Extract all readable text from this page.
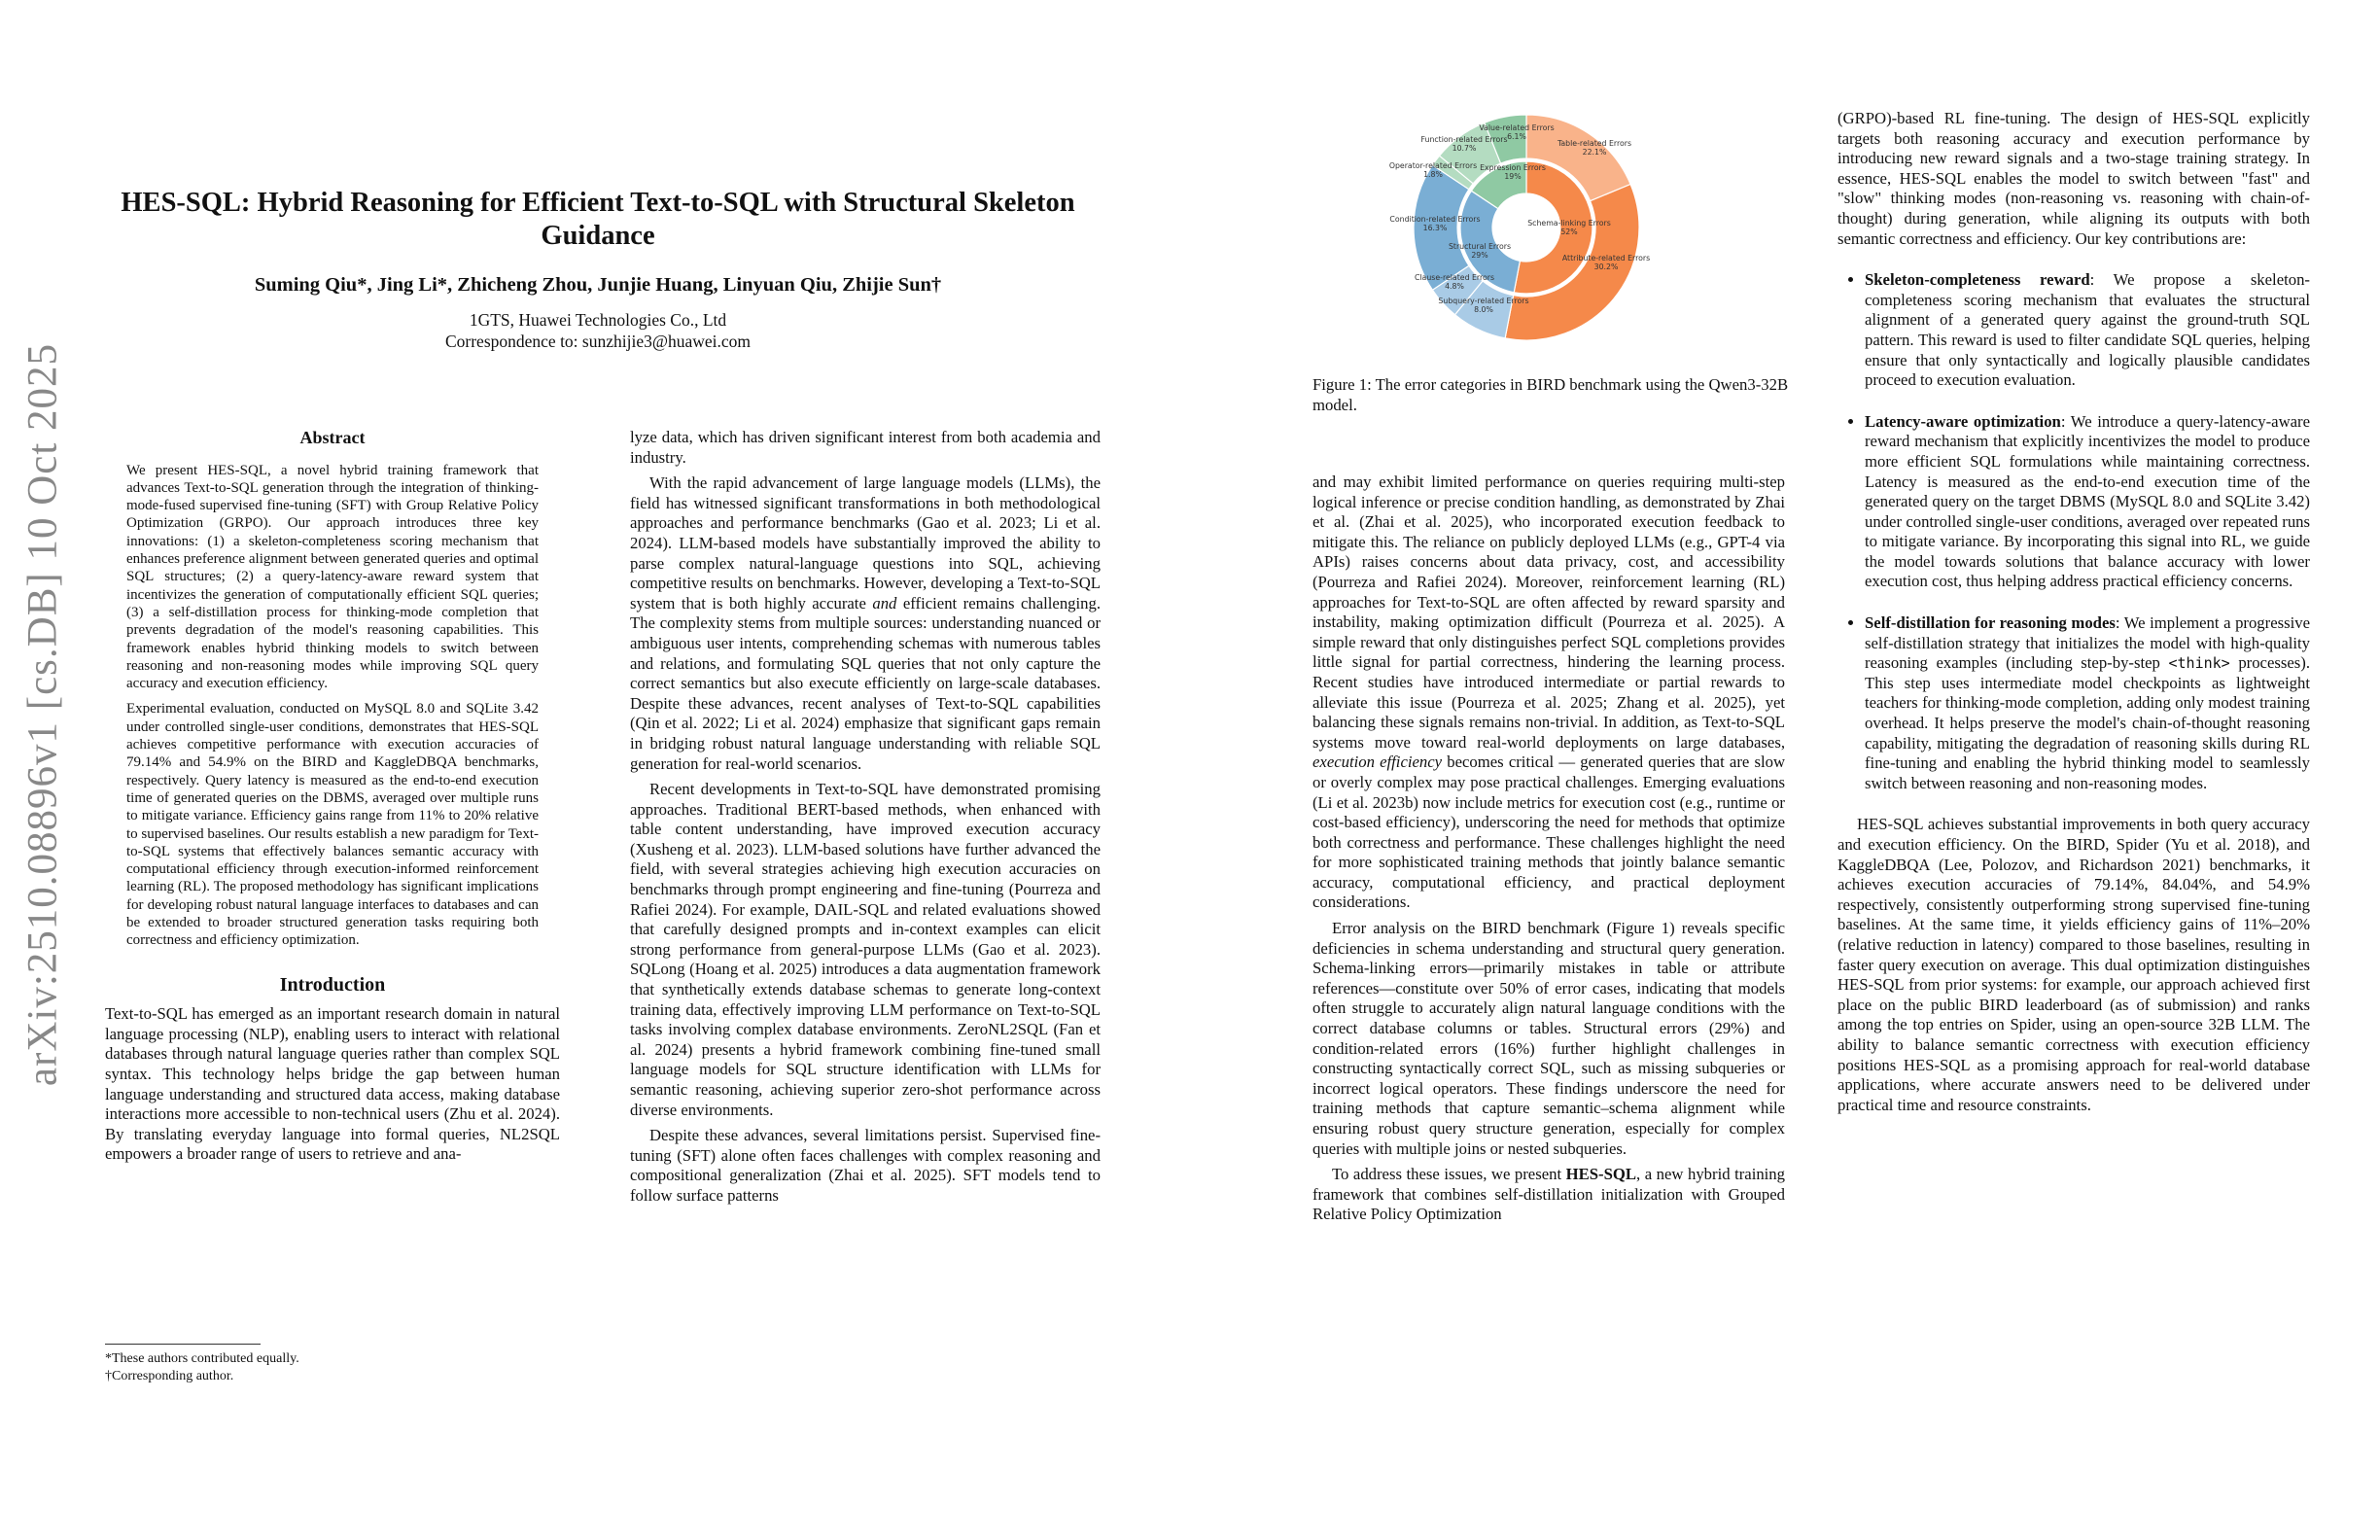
arXiv:2510.08896v1 [cs.DB] 10 Oct 2025
HES-SQL: Hybrid Reasoning for Efficient Text-to-SQL with Structural Skeleton Guidance
Suming Qiu*, Jing Li*, Zhicheng Zhou, Junjie Huang, Linyuan Qiu, Zhijie Sun†
1GTS, Huawei Technologies Co., Ltd
Correspondence to: sunzhijie3@huawei.com
Abstract

We present HES-SQL, a novel hybrid training framework that advances Text-to-SQL generation through the integration of thinking-mode-fused supervised fine-tuning (SFT) with Group Relative Policy Optimization (GRPO). Our approach introduces three key innovations: (1) a skeleton-completeness scoring mechanism that enhances preference alignment between generated queries and optimal SQL structures; (2) a query-latency-aware reward system that incentivizes the generation of computationally efficient SQL queries; (3) a self-distillation process for thinking-mode completion that prevents degradation of the model's reasoning capabilities. This framework enables hybrid thinking models to switch between reasoning and non-reasoning modes while improving SQL query accuracy and execution efficiency.

Experimental evaluation, conducted on MySQL 8.0 and SQLite 3.42 under controlled single-user conditions, demonstrates that HES-SQL achieves competitive performance with execution accuracies of 79.14% and 54.9% on the BIRD and KaggleDBQA benchmarks, respectively. Query latency is measured as the end-to-end execution time of generated queries on the DBMS, averaged over multiple runs to mitigate variance. Efficiency gains range from 11% to 20% relative to supervised baselines. Our results establish a new paradigm for Text-to-SQL systems that effectively balances semantic accuracy with computational efficiency through execution-informed reinforcement learning (RL). The proposed methodology has significant implications for developing robust natural language interfaces to databases and can be extended to broader structured generation tasks requiring both correctness and efficiency optimization.

Introduction

Text-to-SQL has emerged as an important research domain in natural language processing (NLP), enabling users to interact with relational databases through natural language queries rather than complex SQL syntax. This technology helps bridge the gap between human language understanding and structured data access, making database interactions more accessible to non-technical users (Zhu et al. 2024). By translating everyday language into formal queries, NL2SQL empowers a broader range of users to retrieve and ana-

*These authors contributed equally.
†Corresponding author.

lyze data, which has driven significant interest from both academia and industry.

With the rapid advancement of large language models (LLMs), the field has witnessed significant transformations in both methodological approaches and performance benchmarks (Gao et al. 2023; Li et al. 2024). LLM-based models have substantially improved the ability to parse complex natural-language questions into SQL, achieving competitive results on benchmarks. However, developing a Text-to-SQL system that is both highly accurate and efficient remains challenging. The complexity stems from multiple sources: understanding nuanced or ambiguous user intents, comprehending schemas with numerous tables and relations, and formulating SQL queries that not only capture the correct semantics but also execute efficiently on large-scale databases. Despite these advances, recent analyses of Text-to-SQL capabilities (Qin et al. 2022; Li et al. 2024) emphasize that significant gaps remain in bridging robust natural language understanding with reliable SQL generation for real-world scenarios.

Recent developments in Text-to-SQL have demonstrated promising approaches. Traditional BERT-based methods, when enhanced with table content understanding, have improved execution accuracy (Xusheng et al. 2023). LLM-based solutions have further advanced the field, with several strategies achieving high execution accuracies on benchmarks through prompt engineering and fine-tuning (Pourreza and Rafiei 2024). For example, DAIL-SQL and related evaluations showed that carefully designed prompts and in-context examples can elicit strong performance from general-purpose LLMs (Gao et al. 2023). SQLong (Hoang et al. 2025) introduces a data augmentation framework that synthetically extends database schemas to generate long-context training data, effectively improving LLM performance on Text-to-SQL tasks involving complex database environments. ZeroNL2SQL (Fan et al. 2024) presents a hybrid framework combining fine-tuned small language models for SQL structure identification with LLMs for semantic reasoning, achieving superior zero-shot performance across diverse environments.

Despite these advances, several limitations persist. Supervised fine-tuning (SFT) alone often faces challenges with complex reasoning and compositional generalization (Zhai et al. 2025). SFT models tend to follow surface patterns

Value-related Errors 6.1%
Function-related Errors 10.7%
Operator-related Errors 1.8%
Expression Errors 19%
Condition-related Errors 16.3%
Structural Errors 29%
Clause-related Errors 4.8%
Subquery-related Errors 8.0%
Table-related Errors 22.1%
Schema-linking Errors 52%
Attribute-related Errors 30.2%
Figure 1: The error categories in BIRD benchmark using the Qwen3-32B model.

and may exhibit limited performance on queries requiring multi-step logical inference or precise condition handling, as demonstrated by Zhai et al. (Zhai et al. 2025), who incorporated execution feedback to mitigate this. The reliance on publicly deployed LLMs (e.g., GPT-4 via APIs) raises concerns about data privacy, cost, and accessibility (Pourreza and Rafiei 2024). Moreover, reinforcement learning (RL) approaches for Text-to-SQL are often affected by reward sparsity and instability, making optimization difficult (Pourreza et al. 2025). A simple reward that only distinguishes perfect SQL completions provides little signal for partial correctness, hindering the learning process. Recent studies have introduced intermediate or partial rewards to alleviate this issue (Pourreza et al. 2025; Zhang et al. 2025), yet balancing these signals remains non-trivial. In addition, as Text-to-SQL systems move toward real-world deployments on large databases, execution efficiency becomes critical — generated queries that are slow or overly complex may pose practical challenges. Emerging evaluations (Li et al. 2023b) now include metrics for execution cost (e.g., runtime or cost-based efficiency), underscoring the need for methods that optimize both correctness and performance. These challenges highlight the need for more sophisticated training methods that jointly balance semantic accuracy, computational efficiency, and practical deployment considerations.

Error analysis on the BIRD benchmark (Figure 1) reveals specific deficiencies in schema understanding and structural query generation. Schema-linking errors—primarily mistakes in table or attribute references—constitute over 50% of error cases, indicating that models often struggle to accurately align natural language conditions with the correct database columns or tables. Structural errors (29%) and condition-related errors (16%) further highlight challenges in constructing syntactically correct SQL, such as missing subqueries or incorrect logical operators. These findings underscore the need for training methods that capture semantic–schema alignment while ensuring robust query structure generation, especially for complex queries with multiple joins or nested subqueries.

To address these issues, we present HES-SQL, a new hybrid training framework that combines self-distillation initialization with Grouped Relative Policy Optimization

(GRPO)-based RL fine-tuning. The design of HES-SQL explicitly targets both reasoning accuracy and execution performance by introducing new reward signals and a two-stage training strategy. In essence, HES-SQL enables the model to switch between "fast" and "slow" thinking modes (non-reasoning vs. reasoning with chain-of-thought) during generation, while aligning its outputs with both semantic correctness and efficiency. Our key contributions are:

• Skeleton-completeness reward: We propose a skeleton-completeness scoring mechanism that evaluates the structural alignment of a generated query against the ground-truth SQL pattern. This reward is used to filter candidate SQL queries, helping ensure that only syntactically and logically plausible candidates proceed to execution evaluation.
• Latency-aware optimization: We introduce a query-latency-aware reward mechanism that explicitly incentivizes the model to produce more efficient SQL formulations while maintaining correctness. Latency is measured as the end-to-end execution time of the generated query on the target DBMS (MySQL 8.0 and SQLite 3.42) under controlled single-user conditions, averaged over repeated runs to mitigate variance. By incorporating this signal into RL, we guide the model towards solutions that balance accuracy with lower execution cost, thus helping address practical efficiency concerns.
• Self-distillation for reasoning modes: We implement a progressive self-distillation strategy that initializes the model with high-quality reasoning examples (including step-by-step <think> processes). This step uses intermediate model checkpoints as lightweight teachers for thinking-mode completion, adding only modest training overhead. It helps preserve the model's chain-of-thought reasoning capability, mitigating the degradation of reasoning skills during RL fine-tuning and enabling the hybrid thinking model to seamlessly switch between reasoning and non-reasoning modes.

HES-SQL achieves substantial improvements in both query accuracy and execution efficiency. On the BIRD, Spider (Yu et al. 2018), and KaggleDBQA (Lee, Polozov, and Richardson 2021) benchmarks, it achieves execution accuracies of 79.14%, 84.04%, and 54.9% respectively, consistently outperforming strong supervised fine-tuning baselines. At the same time, it yields efficiency gains of 11%–20% (relative reduction in latency) compared to those baselines, resulting in faster query execution on average. This dual optimization distinguishes HES-SQL from prior systems: for example, our approach achieved first place on the public BIRD leaderboard (as of submission) and ranks among the top entries on Spider, using an open-source 32B LLM. The ability to balance semantic correctness with execution efficiency positions HES-SQL as a promising approach for real-world database applications, where accurate answers need to be delivered under practical time and resource constraints.
